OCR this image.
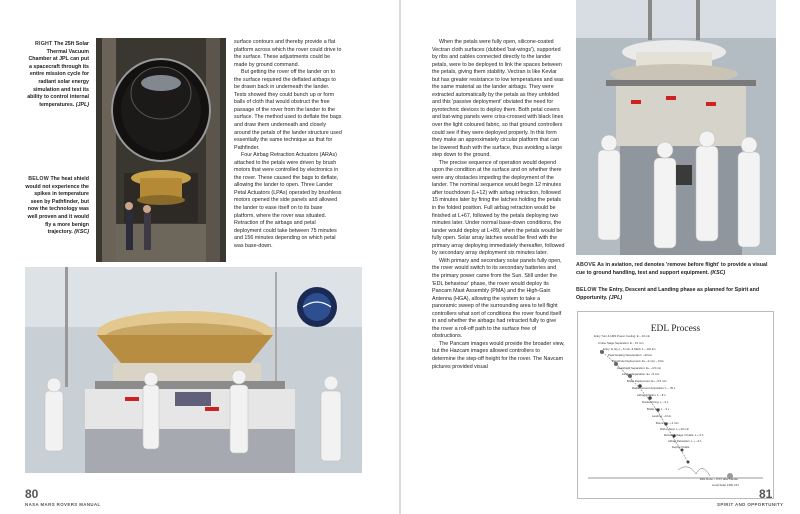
RIGHT The 25ft Solar Thermal Vacuum Chamber at JPL can put a spacecraft through its entire mission cycle for radiant solar energy simulation and test its ability to control internal temperatures. (JPL)
BELOW The heat shield would not experience the spikes in temperature seen by Pathfinder, but now the technology was well proven and it would fly a more benign trajectory. (KSC)

surface contours and thereby provide a flat platform across which the rover could drive to the surface. These adjustments could be made by ground command.

But getting the rover off the lander on to the surface required the deflated airbags to be drawn back in underneath the lander. Tests showed they could bunch up or form balls of cloth that would obstruct the free passage of the rover from the lander to the surface. The method used to deflate the bags and draw them underneath and closely around the petals of the lander structure used essentially the same technique as that for Pathfinder.

Four Airbag Retraction Actuators (ARAs) attached to the petals were driven by brush motors that were controlled by electronics in the rover. These caused the bags to deflate, allowing the lander to open. Three Lander Petal Actuators (LPAs) operated by brushless motors opened the side panels and allowed the lander to ease itself on to its base platform, where the rover was situated. Retraction of the airbags and petal deployment could take between 75 minutes and 156 minutes depending on which petal was base-down.

80
NASA MARS ROVERS MANUAL

When the petals were fully open, silicone-coated Vectran cloth surfaces (dubbed 'bat-wings'), supported by ribs and cables connected directly to the lander petals, were to be deployed to link the spaces between the petals, giving them stability. Vectran is like Kevlar but has greater resistance to low temperatures and was the same material as the lander airbags. They were extracted automatically by the petals as they unfolded and this 'passive deployment' obviated the need for pyrotechnic devices to deploy them. Both petal covers and bat-wing panels were criss-crossed with black lines over the light coloured fabric, so that ground controllers could see if they were deployed properly. In this form they make an approximately circular platform that can be lowered flush with the surface, thus avoiding a large step down to the ground.

The precise sequence of operation would depend upon the condition at the surface and on whether there were any obstacles impeding the deployment of the lander. The nominal sequence would begin 12 minutes after touchdown (L+12) with airbag retraction, followed 15 minutes later by firing the latches holding the petals in the folded position. Full airbag retraction would be finished at L+67, followed by the petals deploying two minutes later. Under normal base-down conditions, the lander would deploy at L+89, when the petals would be fully open. Solar array latches would be fired with the primary array deploying immediately thereafter, followed by secondary array deployment six minutes later.

With primary and secondary solar panels fully open, the rover would switch to its secondary batteries and the primary power came from the Sun. Still under the 'EDL behaviour' phase, the rover would deploy its Pancam Mast Assembly (PMA) and the High-Gain Antenna (HGA), allowing the system to take a panoramic sweep of the surrounding area to tell flight controllers what sort of conditions the rover found itself in and whether the airbags had retracted fully to give the rover a roll-off path to the surface free of obstructions.

The Pancam images would provide the broader view, but the Hazcam images allowed controllers to determine the step-off height for the rover. The Navcam pictures provided visual

ABOVE As in aviation, red denotes 'remove before flight' to provide a visual cue to ground handling, test and support equipment. (KSC)
BELOW The Entry, Descent and Landing phase as planned for Spirit and Opportunity. (JPL)
EDL Process
Entry Turn & HRS Power Cooling: E – 10 min
Cruise Stage Separation: E – 15 min
Entry: E, E(+) ~ 5 min, & Mach 1 ~ 122 km
Peak Heating Deceleration: ~40 km
Parachute Deployment: E+ ~4 min ~ 9 km
Heatshield Separation: E+ ~4.5 min
Lander Separation: E+ ~5 min
Bridle Deployment: E+ ~5.5 min
Radar Ground Acquisition: L – 35 s
Airbag Inflation: L – 8 s
Rocket Firing: L – 6 s
Bridle Cut: L – 3 s
Landing: ~0 km
Bounce: L + 2 min
Roll to Stop: L + 20 min
Retract Airbags / Petals: L + 3 h
Airbag Retraction: L + ~3 h
Deploy Petals
EDL Done ~ 3.5 h after Lander
Local Solar 1300 LST
81
SPIRIT AND OPPORTUNITY
